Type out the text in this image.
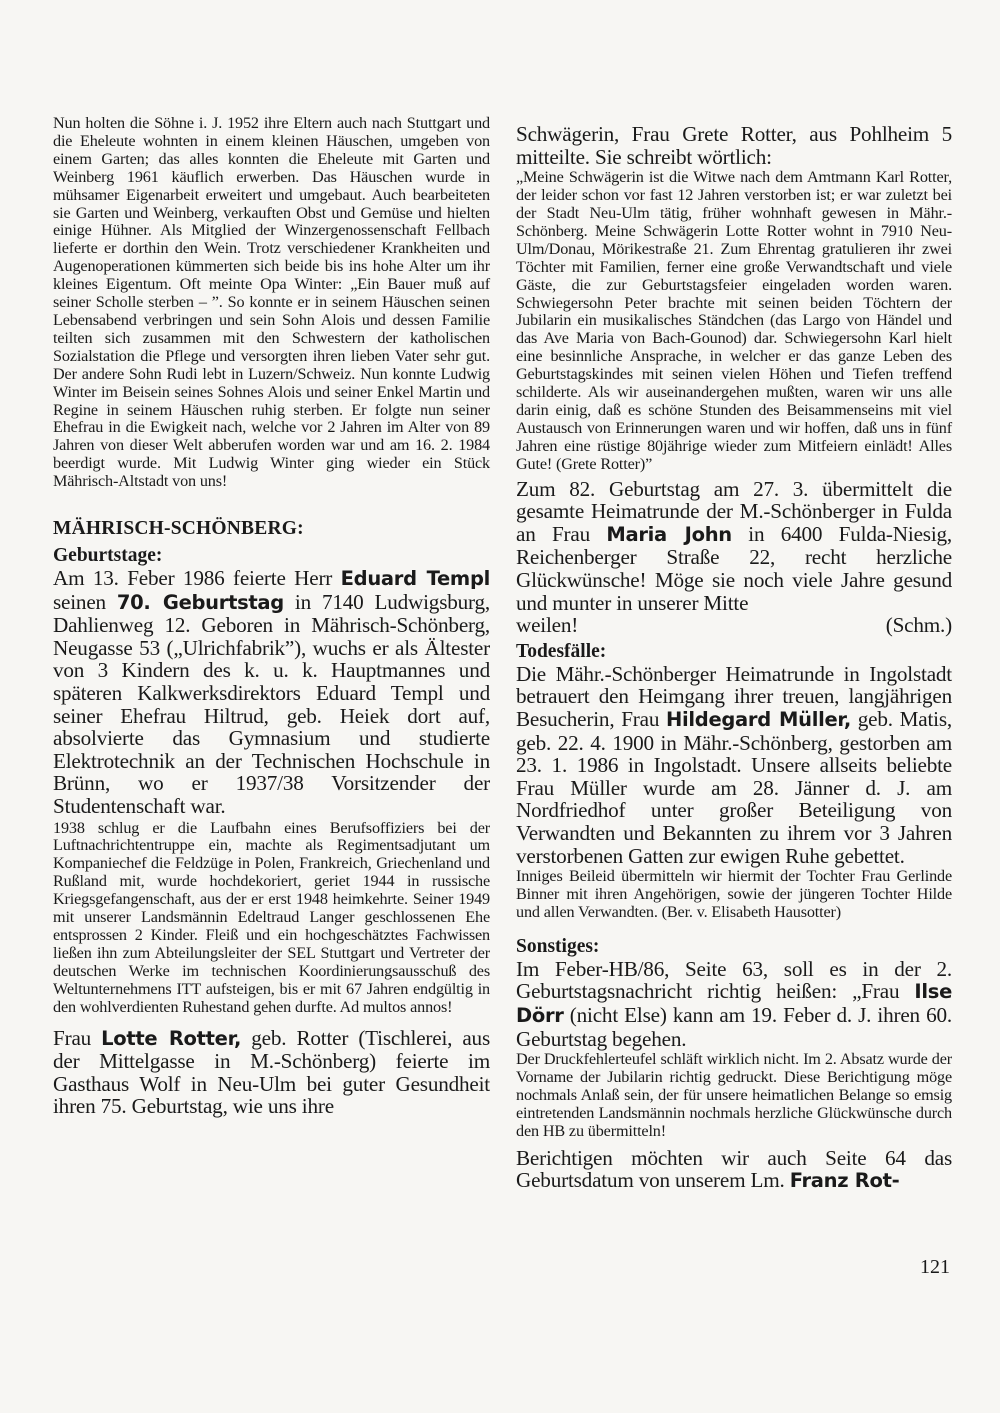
Nun holten die Söhne i. J. 1952 ihre Eltern auch nach Stuttgart und die Eheleute wohnten in einem kleinen Häuschen, umgeben von einem Garten; das alles konnten die Eheleute mit Garten und Weinberg 1961 käuflich erwerben. Das Häuschen wurde in mühsamer Eigenarbeit erweitert und umgebaut. Auch bearbeiteten sie Garten und Weinberg, verkauften Obst und Gemüse und hielten einige Hühner. Als Mitglied der Winzergenossenschaft Fellbach lieferte er dorthin den Wein. Trotz verschiedener Krankheiten und Augenoperationen kümmerten sich beide bis ins hohe Alter um ihr kleines Eigentum. Oft meinte Opa Winter: „Ein Bauer muß auf seiner Scholle sterben – ”. So konnte er in seinem Häuschen seinen Lebensabend verbringen und sein Sohn Alois und dessen Familie teilten sich zusammen mit den Schwestern der katholischen Sozialstation die Pflege und versorgten ihren lieben Vater sehr gut. Der andere Sohn Rudi lebt in Luzern/Schweiz. Nun konnte Ludwig Winter im Beisein seines Sohnes Alois und seiner Enkel Martin und Regine in seinem Häuschen ruhig sterben. Er folgte nun seiner Ehefrau in die Ewigkeit nach, welche vor 2 Jahren im Alter von 89 Jahren von dieser Welt abberufen worden war und am 16. 2. 1984 beerdigt wurde. Mit Ludwig Winter ging wieder ein Stück Mährisch-Altstadt von uns!

MÄHRISCH-SCHÖNBERG:

Geburtstage:

Am 13. Feber 1986 feierte Herr Eduard Templ seinen 70. Geburtstag in 7140 Ludwigsburg, Dahlienweg 12. Geboren in Mährisch-Schönberg, Neugasse 53 („Ulrichfabrik”), wuchs er als Ältester von 3 Kindern des k. u. k. Hauptmannes und späteren Kalkwerksdirektors Eduard Templ und seiner Ehefrau Hiltrud, geb. Heiek dort auf, absolvierte das Gymnasium und studierte Elektrotechnik an der Technischen Hochschule in Brünn, wo er 1937/38 Vorsitzender der Studentenschaft war.

1938 schlug er die Laufbahn eines Berufsoffiziers bei der Luftnachrichtentruppe ein, machte als Regimentsadjutant um Kompaniechef die Feldzüge in Polen, Frankreich, Griechenland und Rußland mit, wurde hochdekoriert, geriet 1944 in russische Kriegsgefangenschaft, aus der er erst 1948 heimkehrte. Seiner 1949 mit unserer Landsmännin Edeltraud Langer geschlossenen Ehe entsprossen 2 Kinder. Fleiß und ein hochgeschätztes Fachwissen ließen ihn zum Abteilungsleiter der SEL Stuttgart und Vertreter der deutschen Werke im technischen Koordinierungsausschuß des Weltunternehmens ITT aufsteigen, bis er mit 67 Jahren endgültig in den wohlverdienten Ruhestand gehen durfte. Ad multos annos!

Frau Lotte Rotter, geb. Rotter (Tischlerei, aus der Mittelgasse in M.-Schönberg) feierte im Gasthaus Wolf in Neu-Ulm bei guter Gesundheit ihren 75. Geburtstag, wie uns ihre

Schwägerin, Frau Grete Rotter, aus Pohlheim 5 mitteilte. Sie schreibt wörtlich:

„Meine Schwägerin ist die Witwe nach dem Amtmann Karl Rotter, der leider schon vor fast 12 Jahren verstorben ist; er war zuletzt bei der Stadt Neu-Ulm tätig, früher wohnhaft gewesen in Mähr.-Schönberg. Meine Schwägerin Lotte Rotter wohnt in 7910 Neu-Ulm/Donau, Mörikestraße 21. Zum Ehrentag gratulieren ihr zwei Töchter mit Familien, ferner eine große Verwandtschaft und viele Gäste, die zur Geburtstagsfeier eingeladen worden waren. Schwiegersohn Peter brachte mit seinen beiden Töchtern der Jubilarin ein musikalisches Ständchen (das Largo von Händel und das Ave Maria von Bach-Gounod) dar. Schwiegersohn Karl hielt eine besinnliche Ansprache, in welcher er das ganze Leben des Geburtstagskindes mit seinen vielen Höhen und Tiefen treffend schilderte. Als wir auseinandergehen mußten, waren wir uns alle darin einig, daß es schöne Stunden des Beisammenseins mit viel Austausch von Erinnerungen waren und wir hoffen, daß uns in fünf Jahren eine rüstige 80jährige wieder zum Mitfeiern einlädt! Alles Gute! (Grete Rotter)”

Zum 82. Geburtstag am 27. 3. übermittelt die gesamte Heimatrunde der M.-Schönberger in Fulda an Frau Maria John in 6400 Fulda-Niesig, Reichenberger Straße 22, recht herzliche Glückwünsche! Möge sie noch viele Jahre gesund und munter in unserer Mitte

weilen!	(Schm.)

Todesfälle:

Die Mähr.-Schönberger Heimatrunde in Ingolstadt betrauert den Heimgang ihrer treuen, langjährigen Besucherin, Frau Hildegard Müller, geb. Matis, geb. 22. 4. 1900 in Mähr.-Schönberg, gestorben am 23. 1. 1986 in Ingolstadt. Unsere allseits beliebte Frau Müller wurde am 28. Jänner d. J. am Nordfriedhof unter großer Beteiligung von Verwandten und Bekannten zu ihrem vor 3 Jahren verstorbenen Gatten zur ewigen Ruhe gebettet.

Inniges Beileid übermitteln wir hiermit der Tochter Frau Gerlinde Binner mit ihren Angehörigen, sowie der jüngeren Tochter Hilde und allen Verwandten. (Ber. v. Elisabeth Hausotter)

Sonstiges:

Im Feber-HB/86, Seite 63, soll es in der 2. Geburtstagsnachricht richtig heißen: „Frau Ilse Dörr (nicht Else) kann am 19. Feber d. J. ihren 60. Geburtstag begehen.

Der Druckfehlerteufel schläft wirklich nicht. Im 2. Absatz wurde der Vorname der Jubilarin richtig gedruckt. Diese Berichtigung möge nochmals Anlaß sein, der für unsere heimatlichen Belange so emsig eintretenden Landsmännin nochmals herzliche Glückwünsche durch den HB zu übermitteln!

Berichtigen möchten wir auch Seite 64 das Geburtsdatum von unserem Lm. Franz Rot-

121
